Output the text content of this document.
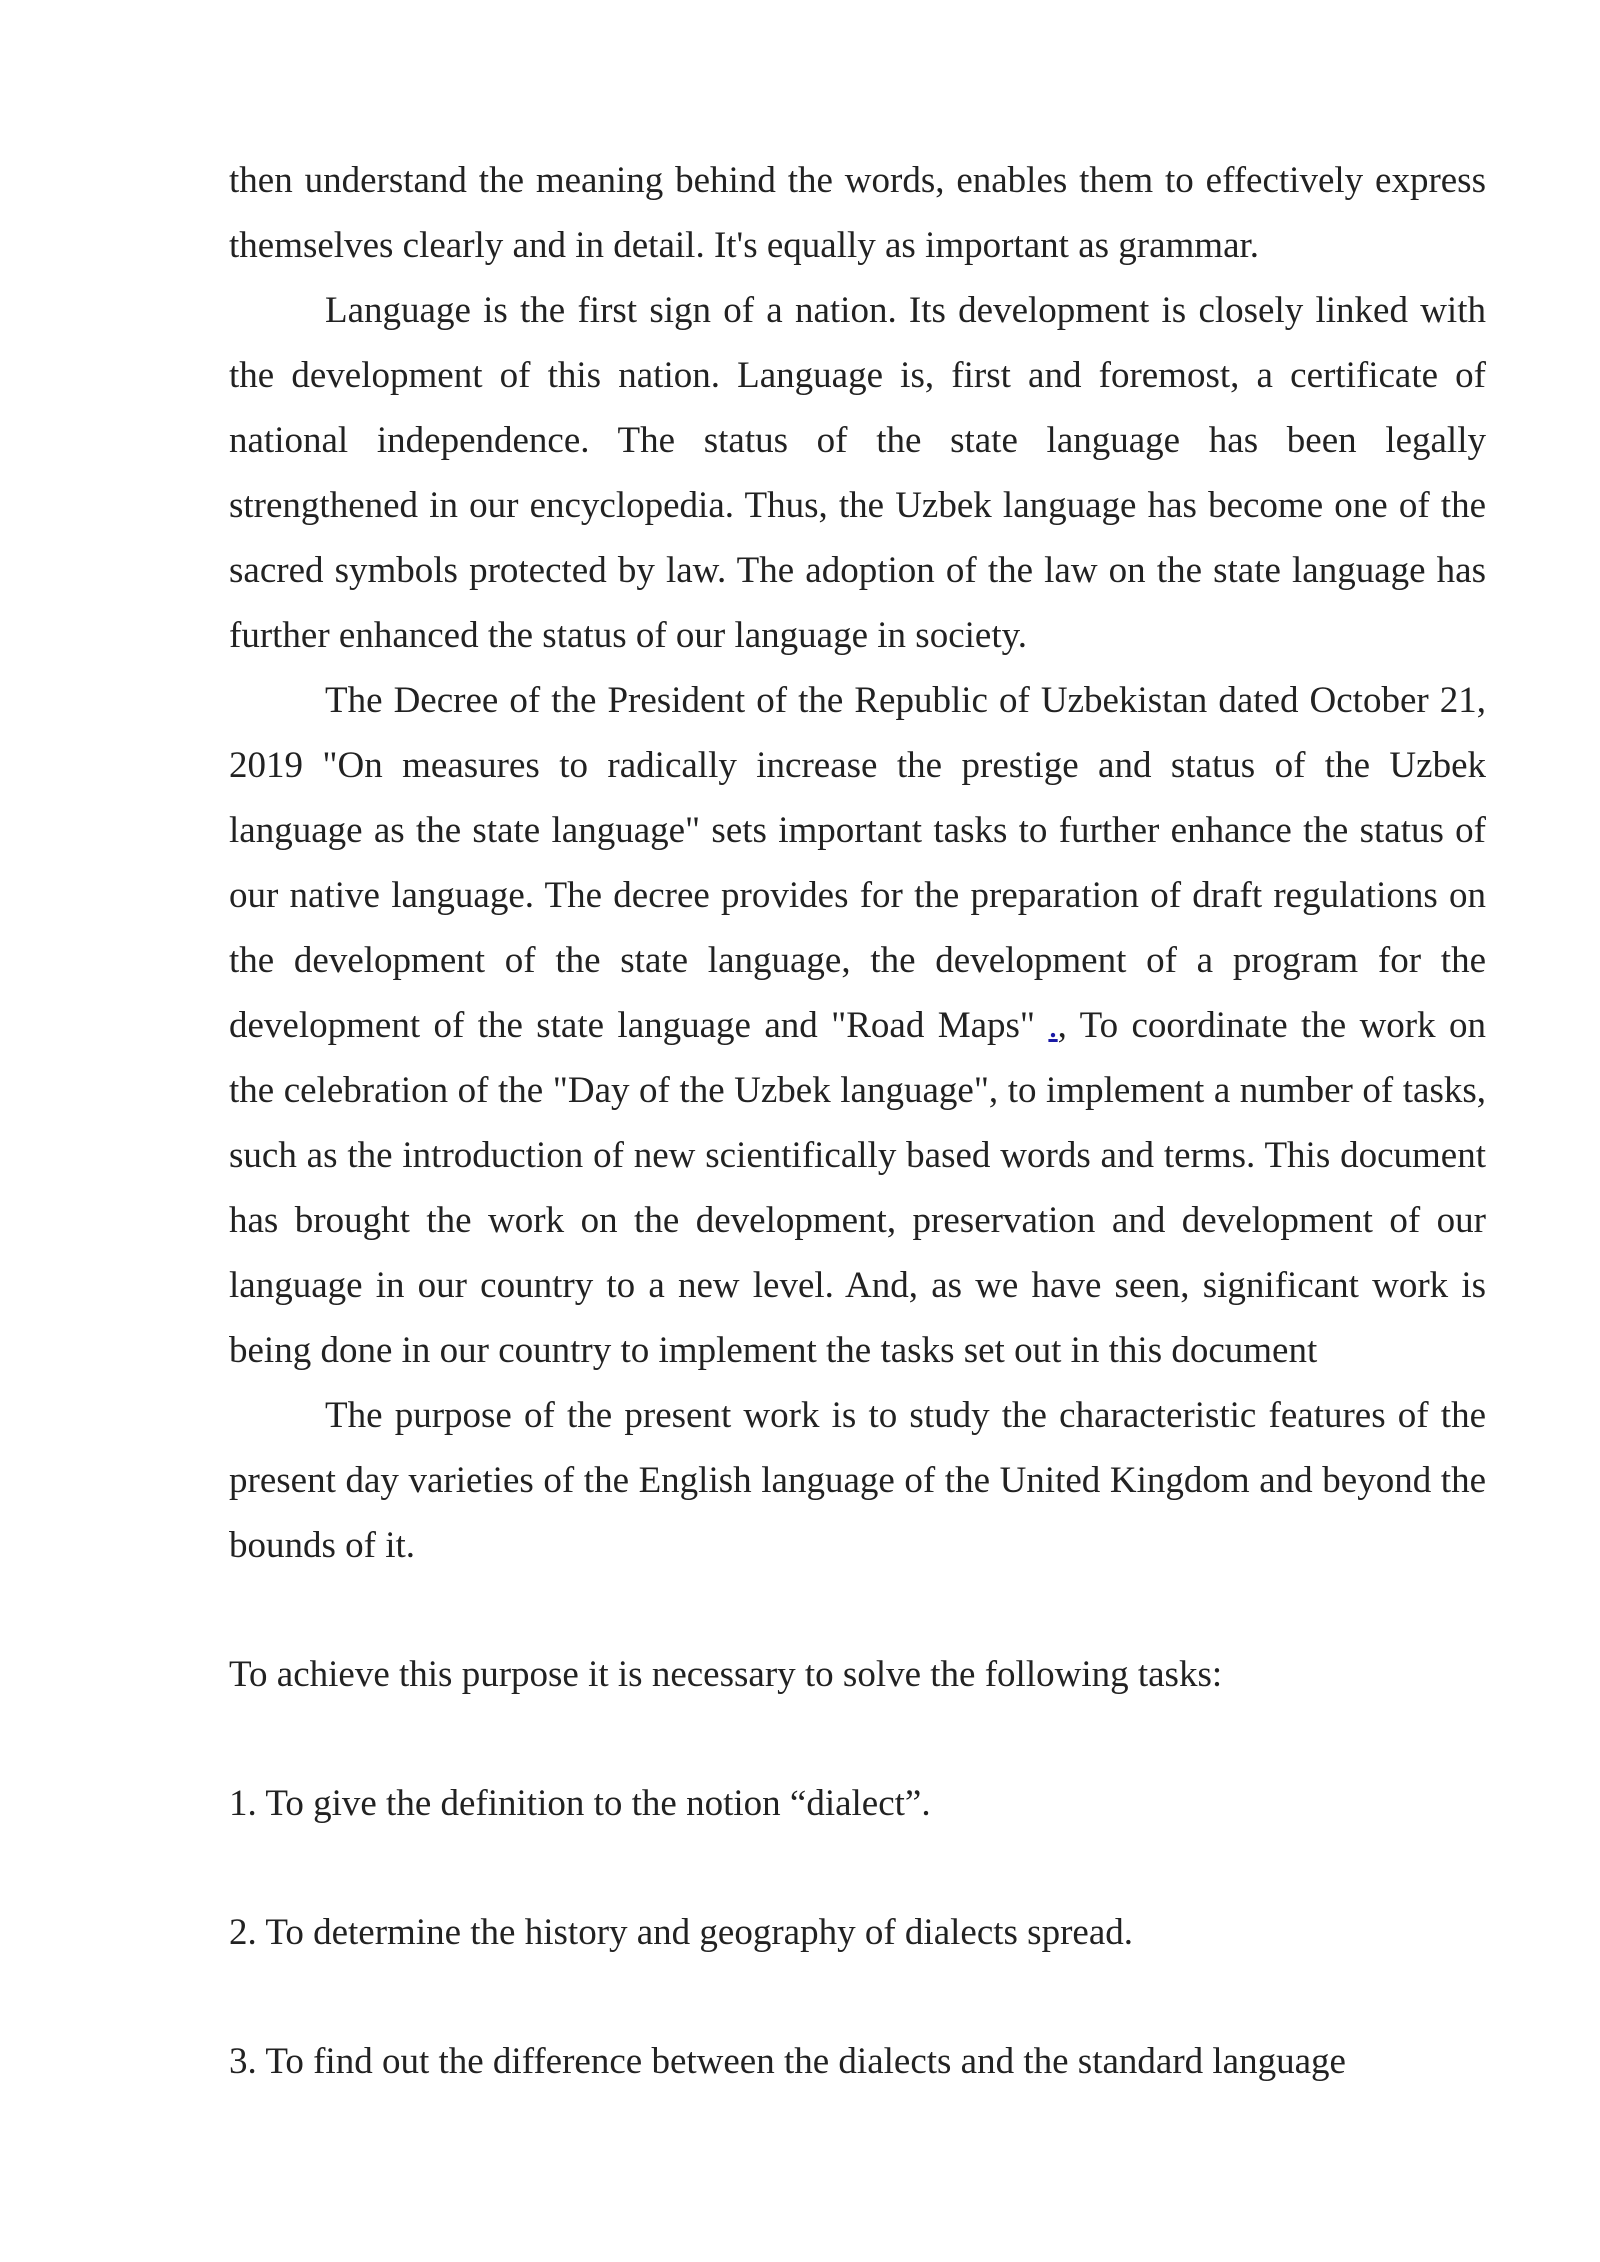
then understand the meaning behind the words, enables them to effectively express themselves clearly and in detail. It's equally as important as grammar.

Language is the first sign of a nation. Its development is closely linked with the development of this nation. Language is, first and foremost, a certificate of national independence. The status of the state language has been legally strengthened in our encyclopedia. Thus, the Uzbek language has become one of the sacred symbols protected by law. The adoption of the law on the state language has further enhanced the status of our language in society.

The Decree of the President of the Republic of Uzbekistan dated October 21, 2019 "On measures to radically increase the prestige and status of the Uzbek language as the state language" sets important tasks to further enhance the status of our native language. The decree provides for the preparation of draft regulations on the development of the state language, the development of a program for the development of the state language and "Road Maps" ., To coordinate the work on the celebration of the "Day of the Uzbek language", to implement a number of tasks, such as the introduction of new scientifically based words and terms. This document has brought the work on the development, preservation and development of our language in our country to a new level. And, as we have seen, significant work is being done in our country to implement the tasks set out in this document

The purpose of the present work is to study the characteristic features of the present day varieties of the English language of the United Kingdom and beyond the bounds of it.

To achieve this purpose it is necessary to solve the following tasks:

1. To give the definition to the notion “dialect”.

2. To determine the history and geography of dialects spread.

3. To find out the difference between the dialects and the standard language
